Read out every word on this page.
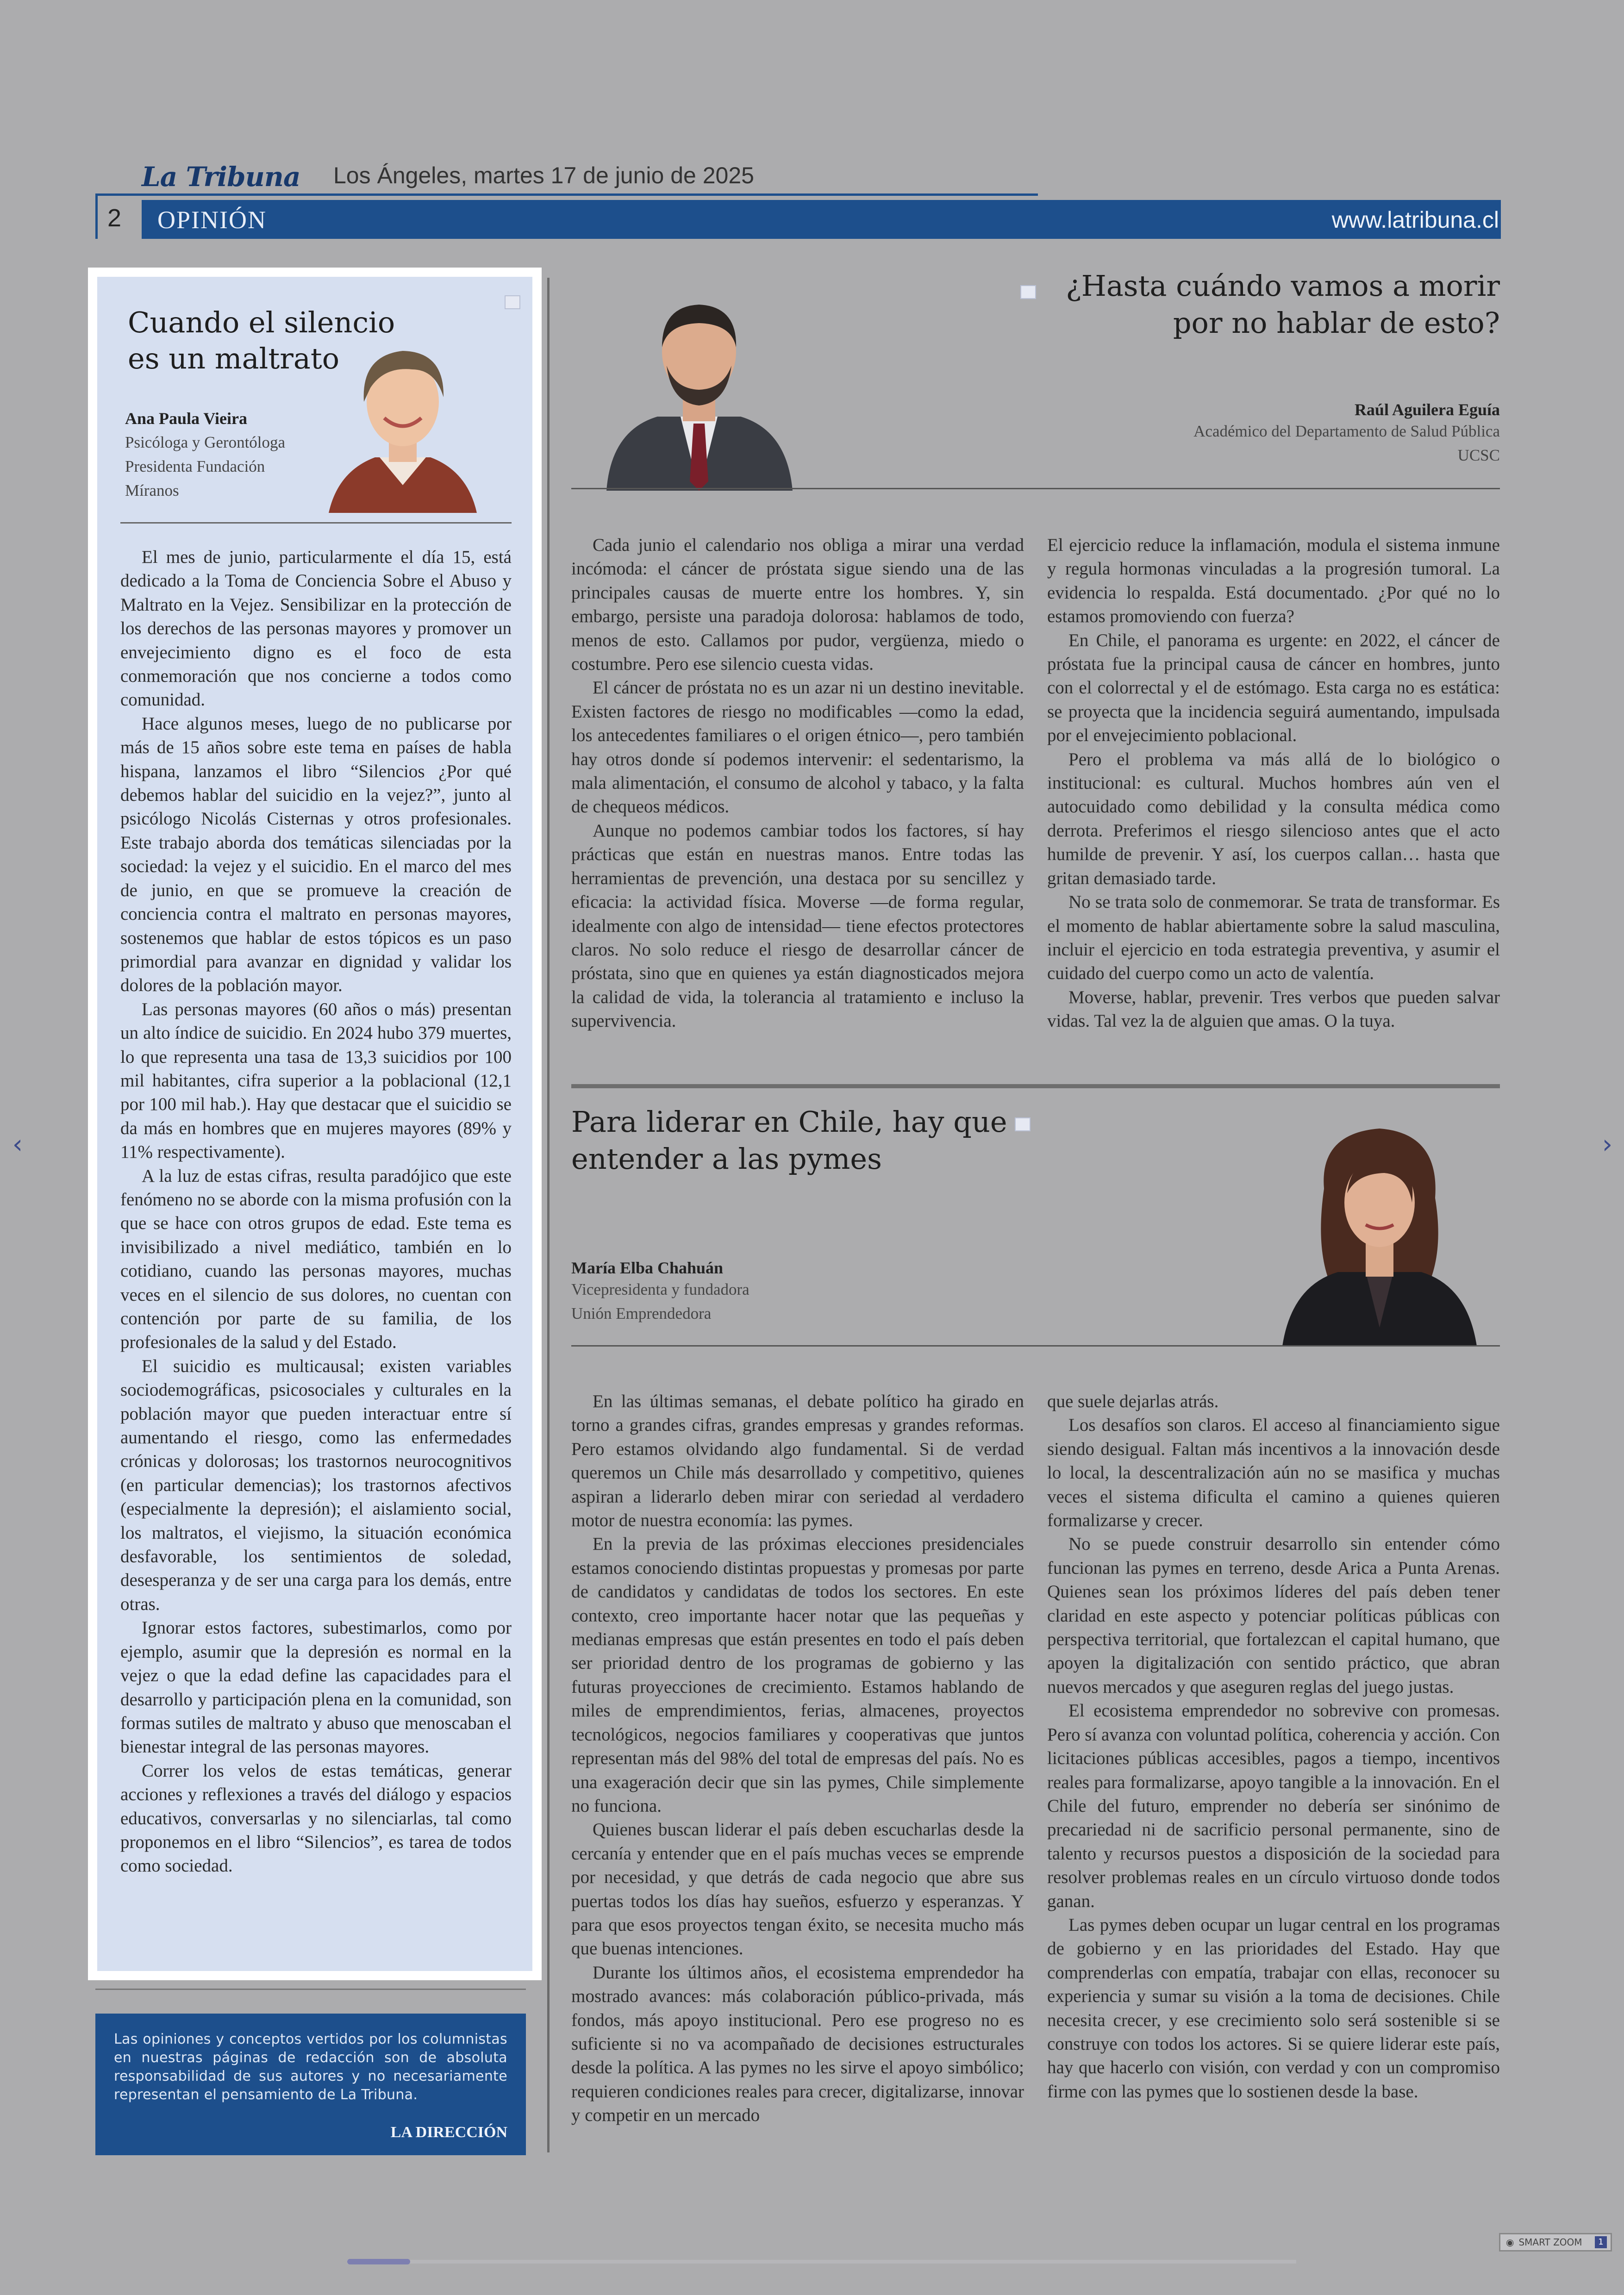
La Tribuna Los Ángeles, martes 17 de junio de 2025
2 OPINIÓN	www.latribuna.cl
Cuando el silencio es un maltrato
Ana Paula Vieira
Psicóloga y Gerontóloga
Presidenta Fundación
Míranos

El mes de junio, particularmente el día 15, está dedicado a la Toma de Conciencia Sobre el Abuso y Maltrato en la Vejez. Sensibilizar en la protección de los derechos de las personas mayores y promover un envejecimiento digno es el foco de esta conmemoración que nos concierne a todos como comunidad.

Hace algunos meses, luego de no publicarse por más de 15 años sobre este tema en países de habla hispana, lanzamos el libro “Silencios ¿Por qué debemos hablar del suicidio en la vejez?”, junto al psicólogo Nicolás Cisternas y otros profesionales. Este trabajo aborda dos temáticas silenciadas por la sociedad: la vejez y el suicidio. En el marco del mes de junio, en que se promueve la creación de conciencia contra el maltrato en personas mayores, sostenemos que hablar de estos tópicos es un paso primordial para avanzar en dignidad y validar los dolores de la población mayor.

Las personas mayores (60 años o más) presentan un alto índice de suicidio. En 2024 hubo 379 muertes, lo que representa una tasa de 13,3 suicidios por 100 mil habitantes, cifra superior a la poblacional (12,1 por 100 mil hab.). Hay que destacar que el suicidio se da más en hombres que en mujeres mayores (89% y 11% respectivamente).

A la luz de estas cifras, resulta paradójico que este fenómeno no se aborde con la misma profusión con la que se hace con otros grupos de edad. Este tema es invisibilizado a nivel mediático, también en lo cotidiano, cuando las personas mayores, muchas veces en el silencio de sus dolores, no cuentan con contención por parte de su familia, de los profesionales de la salud y del Estado.

El suicidio es multicausal; existen variables sociodemográficas, psicosociales y culturales en la población mayor que pueden interactuar entre sí aumentando el riesgo, como las enfermedades crónicas y dolorosas; los trastornos neurocognitivos (en particular demencias); los trastornos afectivos (especialmente la depresión); el aislamiento social, los maltratos, el viejismo, la situación económica desfavorable, los sentimientos de soledad, desesperanza y de ser una carga para los demás, entre otras.

Ignorar estos factores, subestimarlos, como por ejemplo, asumir que la depresión es normal en la vejez o que la edad define las capacidades para el desarrollo y participación plena en la comunidad, son formas sutiles de maltrato y abuso que menoscaban el bienestar integral de las personas mayores.

Correr los velos de estas temáticas, generar acciones y reflexiones a través del diálogo y espacios educativos, conversarlas y no silenciarlas, tal como proponemos en el libro “Silencios”, es tarea de todos como sociedad.

Las opiniones y conceptos vertidos por los columnistas en nuestras páginas de redacción son de absoluta responsabilidad de sus autores y no necesariamente representan el pensamiento de La Tribuna.
LA DIRECCIÓN
¿Hasta cuándo vamos a morir
por no hablar de esto?
Raúl Aguilera Eguía
Académico del Departamento de Salud Pública
UCSC

Cada junio el calendario nos obliga a mirar una verdad incómoda: el cáncer de próstata sigue siendo una de las principales causas de muerte entre los hombres. Y, sin embargo, persiste una paradoja dolorosa: hablamos de todo, menos de esto. Callamos por pudor, vergüenza, miedo o costumbre. Pero ese silencio cuesta vidas.

El cáncer de próstata no es un azar ni un destino inevitable. Existen factores de riesgo no modificables —como la edad, los antecedentes familiares o el origen étnico—, pero también hay otros donde sí podemos intervenir: el sedentarismo, la mala alimentación, el consumo de alcohol y tabaco, y la falta de chequeos médicos.

Aunque no podemos cambiar todos los factores, sí hay prácticas que están en nuestras manos. Entre todas las herramientas de prevención, una destaca por su sencillez y eficacia: la actividad física. Moverse —de forma regular, idealmente con algo de intensidad— tiene efectos protectores claros. No solo reduce el riesgo de desarrollar cáncer de próstata, sino que en quienes ya están diagnosticados mejora la calidad de vida, la tolerancia al tratamiento e incluso la supervivencia.

El ejercicio reduce la inflamación, modula el sistema inmune y regula hormonas vinculadas a la progresión tumoral. La evidencia lo respalda. Está documentado. ¿Por qué no lo estamos promoviendo con fuerza?

En Chile, el panorama es urgente: en 2022, el cáncer de próstata fue la principal causa de cáncer en hombres, junto con el colorrectal y el de estómago. Esta carga no es estática: se proyecta que la incidencia seguirá aumentando, impulsada por el envejecimiento poblacional.

Pero el problema va más allá de lo biológico o institucional: es cultural. Muchos hombres aún ven el autocuidado como debilidad y la consulta médica como derrota. Preferimos el riesgo silencioso antes que el acto humilde de prevenir. Y así, los cuerpos callan… hasta que gritan demasiado tarde.

No se trata solo de conmemorar. Se trata de transformar. Es el momento de hablar abiertamente sobre la salud masculina, incluir el ejercicio en toda estrategia preventiva, y asumir el cuidado del cuerpo como un acto de valentía.

Moverse, hablar, prevenir. Tres verbos que pueden salvar vidas. Tal vez la de alguien que amas. O la tuya.

Para liderar en Chile, hay que
entender a las pymes
María Elba Chahuán
Vicepresidenta y fundadora
Unión Emprendedora

En las últimas semanas, el debate político ha girado en torno a grandes cifras, grandes empresas y grandes reformas. Pero estamos olvidando algo fundamental. Si de verdad queremos un Chile más desarrollado y competitivo, quienes aspiran a liderarlo deben mirar con seriedad al verdadero motor de nuestra economía: las pymes.

En la previa de las próximas elecciones presidenciales estamos conociendo distintas propuestas y promesas por parte de candidatos y candidatas de todos los sectores. En este contexto, creo importante hacer notar que las pequeñas y medianas empresas que están presentes en todo el país deben ser prioridad dentro de los programas de gobierno y las futuras proyecciones de crecimiento. Estamos hablando de miles de emprendimientos, ferias, almacenes, proyectos tecnológicos, negocios familiares y cooperativas que juntos representan más del 98% del total de empresas del país. No es una exageración decir que sin las pymes, Chile simplemente no funciona.

Quienes buscan liderar el país deben escucharlas desde la cercanía y entender que en el país muchas veces se emprende por necesidad, y que detrás de cada negocio que abre sus puertas todos los días hay sueños, esfuerzo y esperanzas. Y para que esos proyectos tengan éxito, se necesita mucho más que buenas intenciones.

Durante los últimos años, el ecosistema emprendedor ha mostrado avances: más colaboración público-privada, más fondos, más apoyo institucional. Pero ese progreso no es suficiente si no va acompañado de decisiones estructurales desde la política. A las pymes no les sirve el apoyo simbólico; requieren condiciones reales para crecer, digitalizarse, innovar y competir en un mercado

que suele dejarlas atrás.

Los desafíos son claros. El acceso al financiamiento sigue siendo desigual. Faltan más incentivos a la innovación desde lo local, la descentralización aún no se masifica y muchas veces el sistema dificulta el camino a quienes quieren formalizarse y crecer.

No se puede construir desarrollo sin entender cómo funcionan las pymes en terreno, desde Arica a Punta Arenas. Quienes sean los próximos líderes del país deben tener claridad en este aspecto y potenciar políticas públicas con perspectiva territorial, que fortalezcan el capital humano, que apoyen la digitalización con sentido práctico, que abran nuevos mercados y que aseguren reglas del juego justas.

El ecosistema emprendedor no sobrevive con promesas. Pero sí avanza con voluntad política, coherencia y acción. Con licitaciones públicas accesibles, pagos a tiempo, incentivos reales para formalizarse, apoyo tangible a la innovación. En el Chile del futuro, emprender no debería ser sinónimo de precariedad ni de sacrificio personal permanente, sino de talento y recursos puestos a disposición de la sociedad para resolver problemas reales en un círculo virtuoso donde todos ganan.

Las pymes deben ocupar un lugar central en los programas de gobierno y en las prioridades del Estado. Hay que comprenderlas con empatía, trabajar con ellas, reconocer su experiencia y sumar su visión a la toma de decisiones. Chile necesita crecer, y ese crecimiento solo será sostenible si se construye con todos los actores. Si se quiere liderar este país, hay que hacerlo con visión, con verdad y con un compromiso firme con las pymes que lo sostienen desde la base.

‹	›
◉ SMART ZOOM	1
